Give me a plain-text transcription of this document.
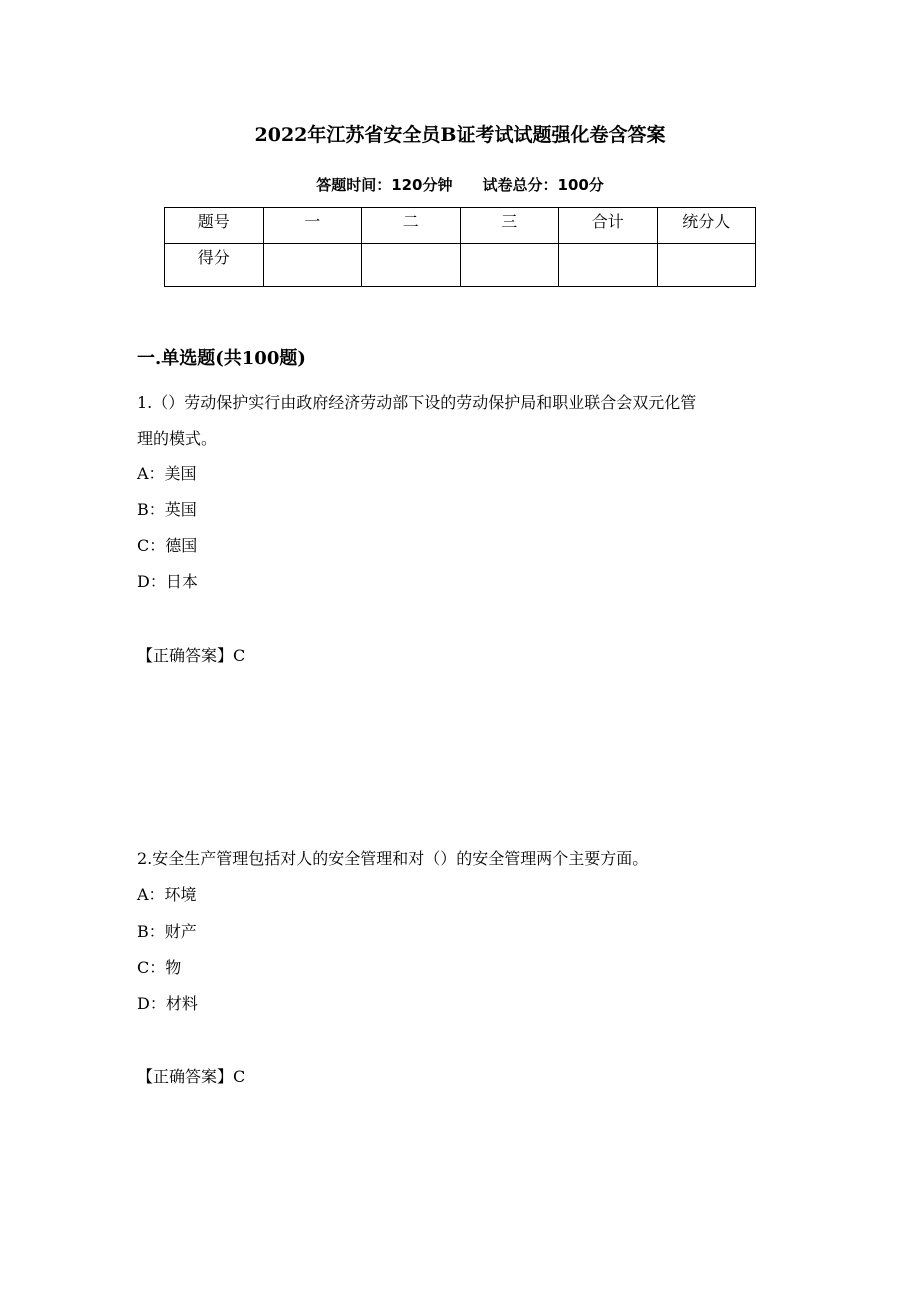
2022年江苏省安全员B证考试试题强化卷含答案
答题时间：120分钟 试卷总分：100分
题号	一	二	三	合计	统分人
得分					
一.单选题(共100题)
1.（）劳动保护实行由政府经济劳动部下设的劳动保护局和职业联合会双元化管
理的模式。
A：美国
B：英国
C：德国
D：日本
【正确答案】C
2.安全生产管理包括对人的安全管理和对（）的安全管理两个主要方面。
A：环境
B：财产
C：物
D：材料
【正确答案】C
